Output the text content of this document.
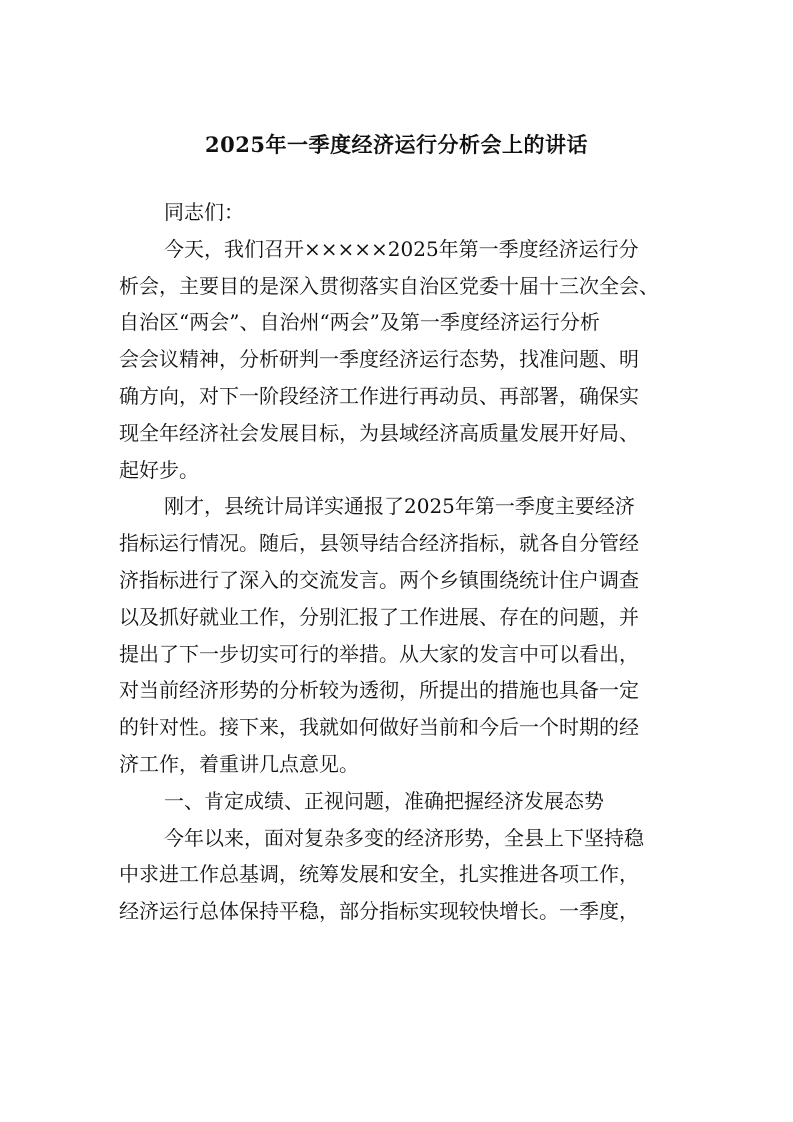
2025年一季度经济运行分析会上的讲话
同志们：
今天，我们召开×××××2025年第一季度经济运行分
析会，主要目的是深入贯彻落实自治区党委十届十三次全会、
自治区“两会”、自治州“两会”及第一季度经济运行分析
会会议精神，分析研判一季度经济运行态势，找准问题、明
确方向，对下一阶段经济工作进行再动员、再部署，确保实
现全年经济社会发展目标，为县域经济高质量发展开好局、
起好步。
刚才，县统计局详实通报了2025年第一季度主要经济
指标运行情况。随后，县领导结合经济指标，就各自分管经
济指标进行了深入的交流发言。两个乡镇围绕统计住户调查
以及抓好就业工作，分别汇报了工作进展、存在的问题，并
提出了下一步切实可行的举措。从大家的发言中可以看出，
对当前经济形势的分析较为透彻，所提出的措施也具备一定
的针对性。接下来，我就如何做好当前和今后一个时期的经
济工作，着重讲几点意见。
一、肯定成绩、正视问题，准确把握经济发展态势
今年以来，面对复杂多变的经济形势，全县上下坚持稳
中求进工作总基调，统筹发展和安全，扎实推进各项工作，
经济运行总体保持平稳，部分指标实现较快增长。一季度，
